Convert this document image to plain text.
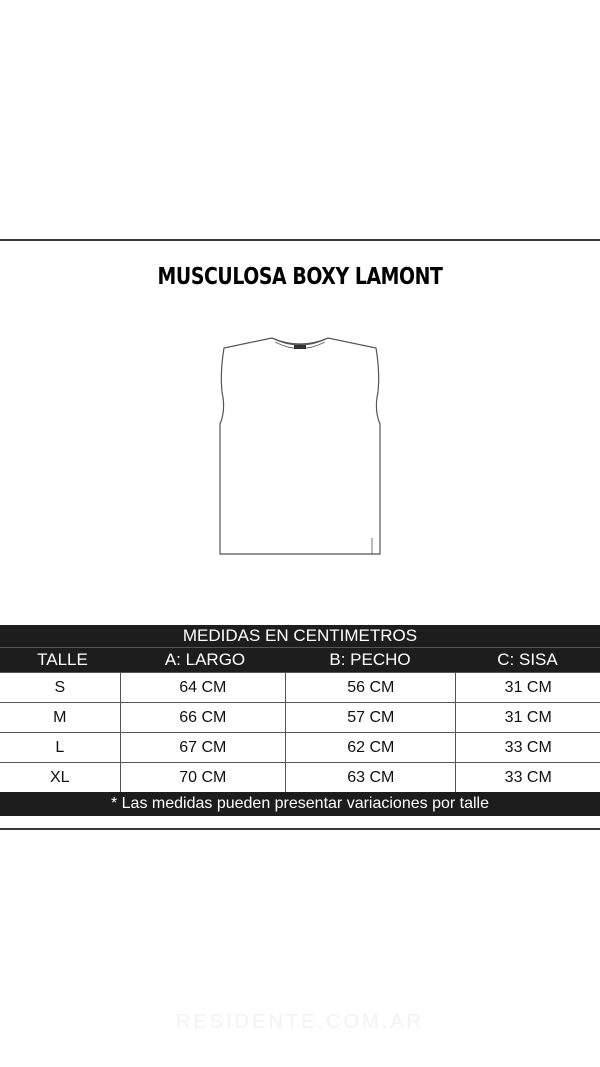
MUSCULOSA BOXY LAMONT
MEDIDAS EN CENTIMETROS
TALLE	A: LARGO	B: PECHO	C: SISA
S	64 CM	56 CM	31 CM
M	66 CM	57 CM	31 CM
L	67 CM	62 CM	33 CM
XL	70 CM	63 CM	33 CM
* Las medidas pueden presentar variaciones por talle
RESIDENTE.COM.AR
